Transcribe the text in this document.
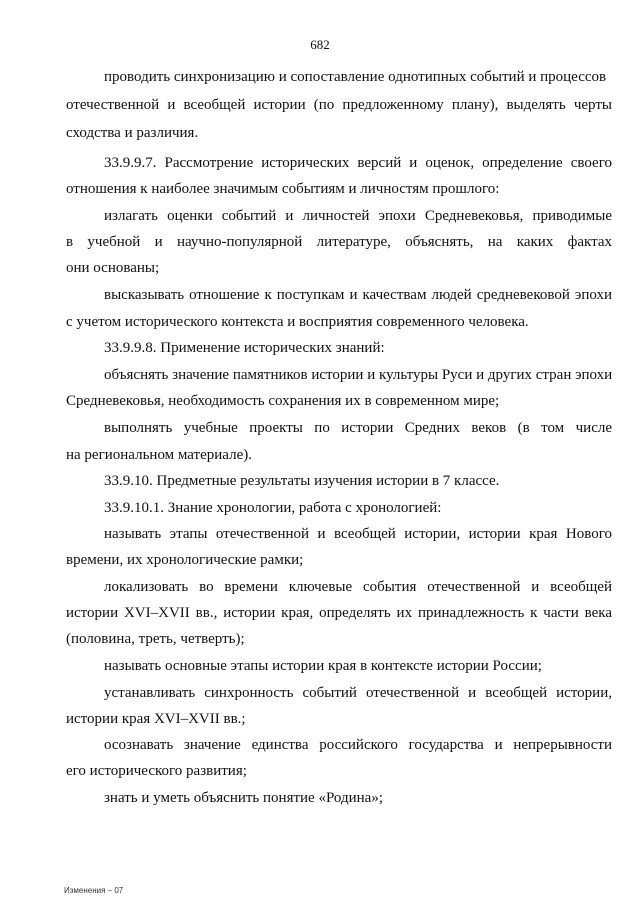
682
проводить синхронизацию и сопоставление однотипных событий и процессов
отечественной и всеобщей истории (по предложенному плану), выделять черты
сходства и различия.
33.9.9.7. Рассмотрение исторических версий и оценок, определение своего
отношения к наиболее значимым событиям и личностям прошлого:
излагать оценки событий и личностей эпохи Средневековья, приводимые
в учебной и научно-популярной литературе, объяснять, на каких фактах
они основаны;
высказывать отношение к поступкам и качествам людей средневековой эпохи
с учетом исторического контекста и восприятия современного человека.
33.9.9.8. Применение исторических знаний:
объяснять значение памятников истории и культуры Руси и других стран эпохи
Средневековья, необходимость сохранения их в современном мире;
выполнять учебные проекты по истории Средних веков (в том числе
на региональном материале).
33.9.10. Предметные результаты изучения истории в 7 классе.
33.9.10.1. Знание хронологии, работа с хронологией:
называть этапы отечественной и всеобщей истории, истории края Нового
времени, их хронологические рамки;
локализовать во времени ключевые события отечественной и всеобщей
истории XVI–XVII вв., истории края, определять их принадлежность к части века
(половина, треть, четверть);
называть основные этапы истории края в контексте истории России;
устанавливать синхронность событий отечественной и всеобщей истории,
истории края XVI–XVII вв.;
осознавать значение единства российского государства и непрерывности
его исторического развития;
знать и уметь объяснить понятие «Родина»;
Изменения – 07
